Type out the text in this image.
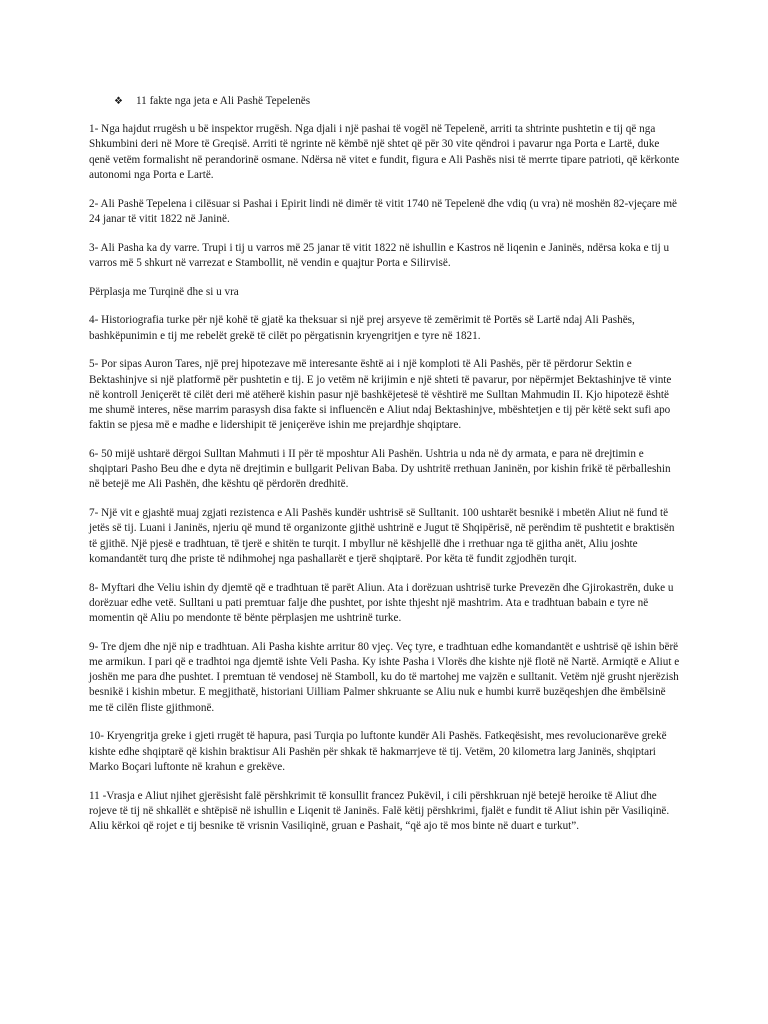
❖ 11 fakte nga jeta e Ali Pashë Tepelenës

1- Nga hajdut rrugësh u bë inspektor rrugësh. Nga djali i një pashai të vogël në Tepelenë, arriti ta shtrinte pushtetin e tij që nga Shkumbini deri në More të Greqisë. Arriti të ngrinte në këmbë një shtet që për 30 vite qëndroi i pavarur nga Porta e Lartë, duke qenë vetëm formalisht në perandorinë osmane. Ndërsa në vitet e fundit, figura e Ali Pashës nisi të merrte tipare patrioti, që kërkonte autonomi nga Porta e Lartë.

2- Ali Pashë Tepelena i cilësuar si Pashai i Epirit lindi në dimër të vitit 1740 në Tepelenë dhe vdiq (u vra) në moshën 82-vjeçare më 24 janar të vitit 1822 në Janinë.

3- Ali Pasha ka dy varre. Trupi i tij u varros më 25 janar të vitit 1822 në ishullin e Kastros në liqenin e Janinës, ndërsa koka e tij u varros më 5 shkurt në varrezat e Stambollit, në vendin e quajtur Porta e Silirvisë.

Përplasja me Turqinë dhe si u vra

4- Historiografia turke për një kohë të gjatë ka theksuar si një prej arsyeve të zemërimit të Portës së Lartë ndaj Ali Pashës, bashkëpunimin e tij me rebelët grekë të cilët po përgatisnin kryengritjen e tyre në 1821.

5- Por sipas Auron Tares, një prej hipotezave më interesante është ai i një komploti të Ali Pashës, për të përdorur Sektin e Bektashinjve si një platformë për pushtetin e tij. E jo vetëm në krijimin e një shteti të pavarur, por nëpërmjet Bektashinjve të vinte në kontroll Jeniçerët të cilët deri më atëherë kishin pasur një bashkëjetesë të vështirë me Sulltan Mahmudin II. Kjo hipotezë është me shumë interes, nëse marrim parasysh disa fakte si influencën e Aliut ndaj Bektashinjve, mbështetjen e tij për këtë sekt sufi apo faktin se pjesa më e madhe e lidershipit të jeniçerëve ishin me prejardhje shqiptare.

6- 50 mijë ushtarë dërgoi Sulltan Mahmuti i II për të mposhtur Ali Pashën. Ushtria u nda në dy armata, e para në drejtimin e shqiptari Pasho Beu dhe e dyta në drejtimin e bullgarit Pelivan Baba. Dy ushtritë rrethuan Janinën, por kishin frikë të përballeshin në betejë me Ali Pashën, dhe kështu që përdorën dredhitë.

7- Një vit e gjashtë muaj zgjati rezistenca e Ali Pashës kundër ushtrisë së Sulltanit. 100 ushtarët besnikë i mbetën Aliut në fund të jetës së tij. Luani i Janinës, njeriu që mund të organizonte gjithë ushtrinë e Jugut të Shqipërisë, në perëndim të pushtetit e braktisën të gjithë. Një pjesë e tradhtuan, të tjerë e shitën te turqit. I mbyllur në këshjellë dhe i rrethuar nga të gjitha anët, Aliu joshte komandantët turq dhe priste të ndihmohej nga pashallarët e tjerë shqiptarë. Por këta të fundit zgjodhën turqit.

8- Myftari dhe Veliu ishin dy djemtë që e tradhtuan të parët Aliun. Ata i dorëzuan ushtrisë turke Prevezën dhe Gjirokastrën, duke u dorëzuar edhe vetë. Sulltani u pati premtuar falje dhe pushtet, por ishte thjesht një mashtrim. Ata e tradhtuan babain e tyre në momentin që Aliu po mendonte të bënte përplasjen me ushtrinë turke.

9- Tre djem dhe një nip e tradhtuan. Ali Pasha kishte arritur 80 vjeç. Veç tyre, e tradhtuan edhe komandantët e ushtrisë që ishin bërë me armikun. I pari që e tradhtoi nga djemtë ishte Veli Pasha. Ky ishte Pasha i Vlorës dhe kishte një flotë në Nartë. Armiqtë e Aliut e joshën me para dhe pushtet. I premtuan të vendosej në Stamboll, ku do të martohej me vajzën e sulltanit. Vetëm një grusht njerëzish besnikë i kishin mbetur. E megjithatë, historiani Uilliam Palmer shkruante se Aliu nuk e humbi kurrë buzëqeshjen dhe ëmbëlsinë me të cilën fliste gjithmonë.

10- Kryengritja greke i gjeti rrugët të hapura, pasi Turqia po luftonte kundër Ali Pashës. Fatkeqësisht, mes revolucionarëve grekë kishte edhe shqiptarë që kishin braktisur Ali Pashën për shkak të hakmarrjeve të tij. Vetëm, 20 kilometra larg Janinës, shqiptari Marko Boçari luftonte në krahun e grekëve.

11 -Vrasja e Aliut njihet gjerësisht falë përshkrimit të konsullit francez Pukëvil, i cili përshkruan një betejë heroike të Aliut dhe rojeve të tij në shkallët e shtëpisë në ishullin e Liqenit të Janinës. Falë këtij përshkrimi, fjalët e fundit të Aliut ishin për Vasiliqinë. Aliu kërkoi që rojet e tij besnike të vrisnin Vasiliqinë, gruan e Pashait, “që ajo të mos binte në duart e turkut”.
